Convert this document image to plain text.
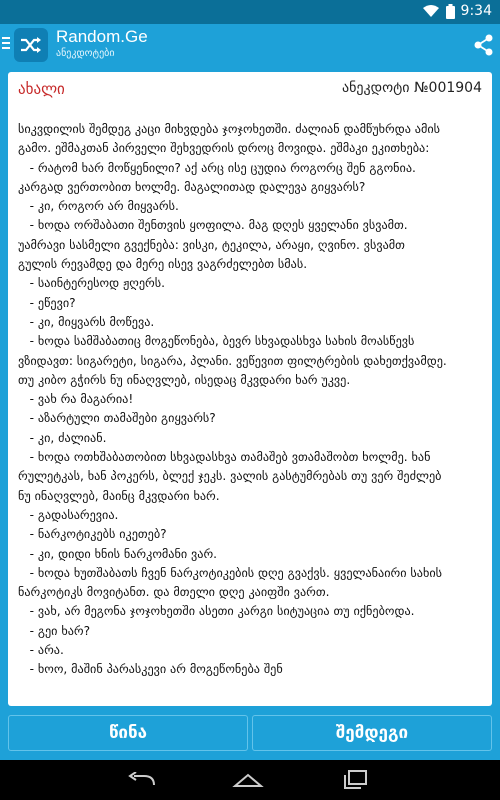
9:34
Random.Ge
ანეკდოტები
ახალი	ანეკდოტი №001904
სიკვდილის შემდეგ კაცი მიხვდება ჯოჯოხეთში. ძალიან დამწუხრდა ამის
გამო. ეშმაკთან პირველი შეხვედრის დროც მოვიდა. ეშმაკი ეკითხება:
- რატომ ხარ მოწყენილი? აქ არც ისე ცუდია როგორც შენ გგონია.
კარგად ვერთობით ხოლმე. მაგალითად დალევა გიყვარს?
- კი, როგორ არ მიყვარს.
- ხოდა ორშაბათი შენთვის ყოფილა. მაგ დღეს ყველანი ვსვამთ.
უამრავი სასმელი გვექნება: ვისკი, ტეკილა, არაყი, ღვინო. ვსვამთ
გულის რევამდე და მერე ისევ ვაგრძელებთ სმას.
- საინტერესოდ ჟღერს.
- ეწევი?
- კი, მიყვარს მოწევა.
- ხოდა სამშაბათიც მოგეწონება, ბევრ სხვადასხვა სახის მოასწევს
ვზიდავთ: სიგარეტი, სიგარა, პლანი. ვეწევით ფილტრების დახეთქვამდე.
თუ კიბო გჭირს ნუ ინაღვლებ, ისედაც მკვდარი ხარ უკვე.
- ვახ რა მაგარია!
- აზარტული თამაშები გიყვარს?
- კი, ძალიან.
- ხოდა ოთხშაბათობით სხვადასხვა თამაშებ ვთამაშობთ ხოლმე. ხან
რულეტკას, ხან პოკერს, ბლექ ჯეკს. ვალის გასტუმრებას თუ ვერ შეძლებ
ნუ ინაღვლებ, მაინც მკვდარი ხარ.
- გადასარევია.
- ნარკოტიკებს იკეთებ?
- კი, დიდი ხნის ნარკომანი ვარ.
- ხოდა ხუთშაბათს ჩვენ ნარკოტიკების დღე გვაქვს. ყველანაირი სახის
ნარკოტიკს მოვიტანთ. და მთელი დღე კაიფში ვართ.
- ვახ, არ მეგონა ჯოჯოხეთში ასეთი კარგი სიტუაცია თუ იქნებოდა.
- გეი ხარ?
- არა.
- ხოო, მაშინ პარასკევი არ მოგეწონება შენ
წინა	შემდეგი
